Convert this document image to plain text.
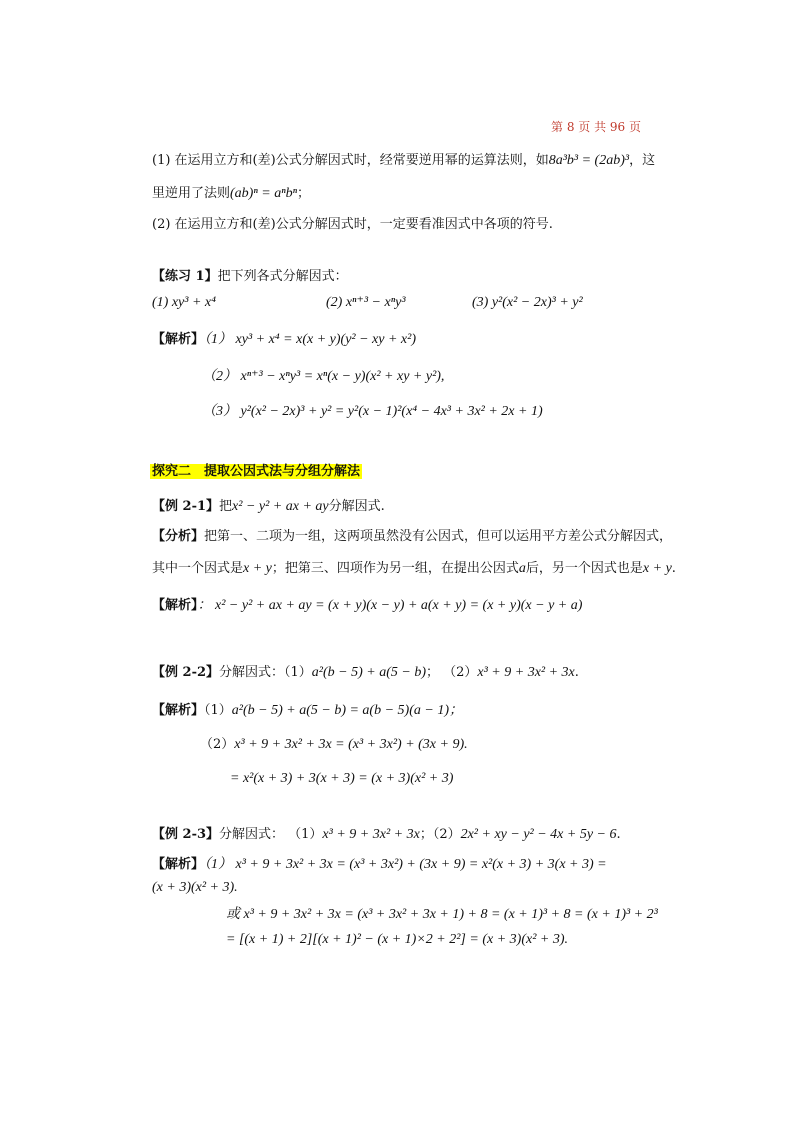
第 8 页 共 96 页
(1) 在运用立方和(差)公式分解因式时，经常要逆用幂的运算法则，如8a³b³ = (2ab)³，这
里逆用了法则(ab)ⁿ = aⁿbⁿ；
(2) 在运用立方和(差)公式分解因式时，一定要看准因式中各项的符号.
【练习 1】把下列各式分解因式：
(1) xy³ + x⁴	(2) xⁿ⁺³ − xⁿy³	(3) y²(x² − 2x)³ + y²
【解析】（1） xy³ + x⁴ = x(x + y)(y² − xy + x²)
（2） xⁿ⁺³ − xⁿy³ = xⁿ(x − y)(x² + xy + y²),
（3） y²(x² − 2x)³ + y² = y²(x − 1)²(x⁴ − 4x³ + 3x² + 2x + 1)
探究二　提取公因式法与分组分解法
【例 2-1】把x² − y² + ax + ay分解因式.
【分析】把第一、二项为一组，这两项虽然没有公因式，但可以运用平方差公式分解因式，
其中一个因式是x + y；把第三、四项作为另一组，在提出公因式a后，另一个因式也是x + y.
【解析】： x² − y² + ax + ay = (x + y)(x − y) + a(x + y) = (x + y)(x − y + a)
【例 2-2】分解因式：（1）a²(b − 5) + a(5 − b)； （2）x³ + 9 + 3x² + 3x.
【解析】（1）a²(b − 5) + a(5 − b) = a(b − 5)(a − 1)；
（2）x³ + 9 + 3x² + 3x = (x³ + 3x²) + (3x + 9).
= x²(x + 3) + 3(x + 3) = (x + 3)(x² + 3)
【例 2-3】分解因式： （1）x³ + 9 + 3x² + 3x；（2）2x² + xy − y² − 4x + 5y − 6.
【解析】（1） x³ + 9 + 3x² + 3x = (x³ + 3x²) + (3x + 9) = x²(x + 3) + 3(x + 3) =
(x + 3)(x² + 3).
或 x³ + 9 + 3x² + 3x = (x³ + 3x² + 3x + 1) + 8 = (x + 1)³ + 8 = (x + 1)³ + 2³
= [(x + 1) + 2][(x + 1)² − (x + 1)×2 + 2²] = (x + 3)(x² + 3).
